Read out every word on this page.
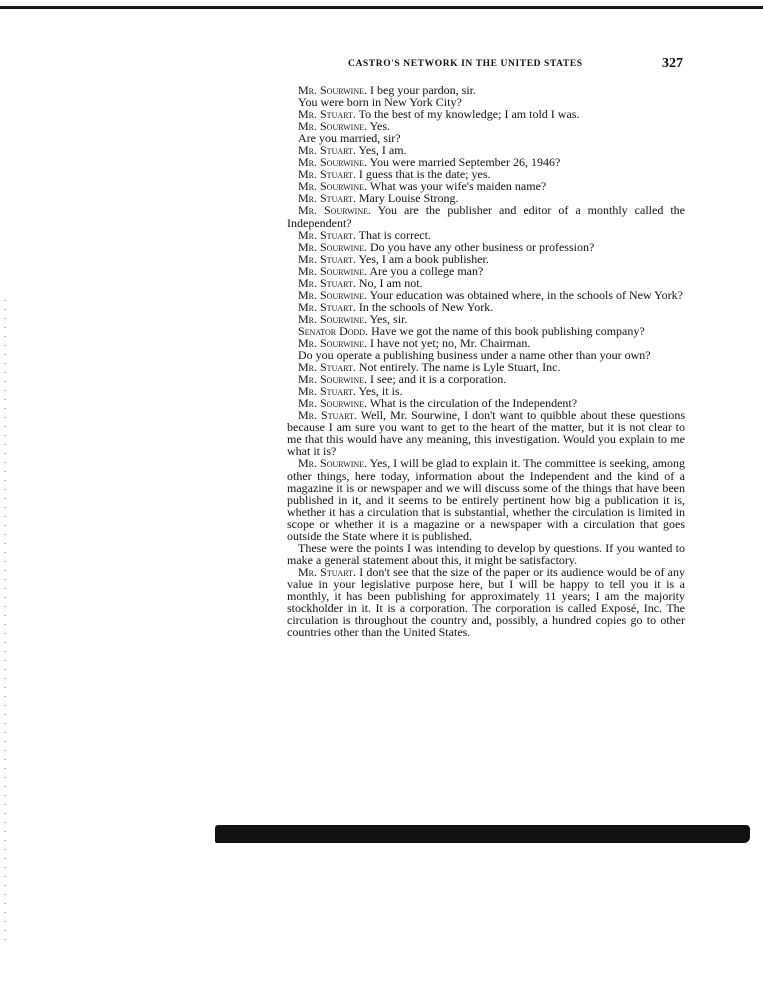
CASTRO'S NETWORK IN THE UNITED STATES	327

Mr. Sourwine. I beg your pardon, sir.

You were born in New York City?

Mr. Stuart. To the best of my knowledge; I am told I was.

Mr. Sourwine. Yes.

Are you married, sir?

Mr. Stuart. Yes, I am.

Mr. Sourwine. You were married September 26, 1946?

Mr. Stuart. I guess that is the date; yes.

Mr. Sourwine. What was your wife's maiden name?

Mr. Stuart. Mary Louise Strong.

Mr. Sourwine. You are the publisher and editor of a monthly called the Independent?

Mr. Stuart. That is correct.

Mr. Sourwine. Do you have any other business or profession?

Mr. Stuart. Yes, I am a book publisher.

Mr. Sourwine. Are you a college man?

Mr. Stuart. No, I am not.

Mr. Sourwine. Your education was obtained where, in the schools of New York?

Mr. Stuart. In the schools of New York.

Mr. Sourwine. Yes, sir.

Senator Dodd. Have we got the name of this book publishing company?

Mr. Sourwine. I have not yet; no, Mr. Chairman.

Do you operate a publishing business under a name other than your own?

Mr. Stuart. Not entirely. The name is Lyle Stuart, Inc.

Mr. Sourwine. I see; and it is a corporation.

Mr. Stuart. Yes, it is.

Mr. Sourwine. What is the circulation of the Independent?

Mr. Stuart. Well, Mr. Sourwine, I don't want to quibble about these questions because I am sure you want to get to the heart of the matter, but it is not clear to me that this would have any meaning, this investigation. Would you explain to me what it is?

Mr. Sourwine. Yes, I will be glad to explain it. The committee is seeking, among other things, here today, information about the Independent and the kind of a magazine it is or newspaper and we will discuss some of the things that have been published in it, and it seems to be entirely pertinent how big a publication it is, whether it has a circulation that is substantial, whether the circulation is limited in scope or whether it is a magazine or a newspaper with a circulation that goes outside the State where it is published.

These were the points I was intending to develop by questions. If you wanted to make a general statement about this, it might be satisfactory.

Mr. Stuart. I don't see that the size of the paper or its audience would be of any value in your legislative purpose here, but I will be happy to tell you it is a monthly, it has been publishing for approximately 11 years; I am the majority stockholder in it. It is a corporation. The corporation is called Exposé, Inc. The circulation is throughout the country and, possibly, a hundred copies go to other countries other than the United States.
